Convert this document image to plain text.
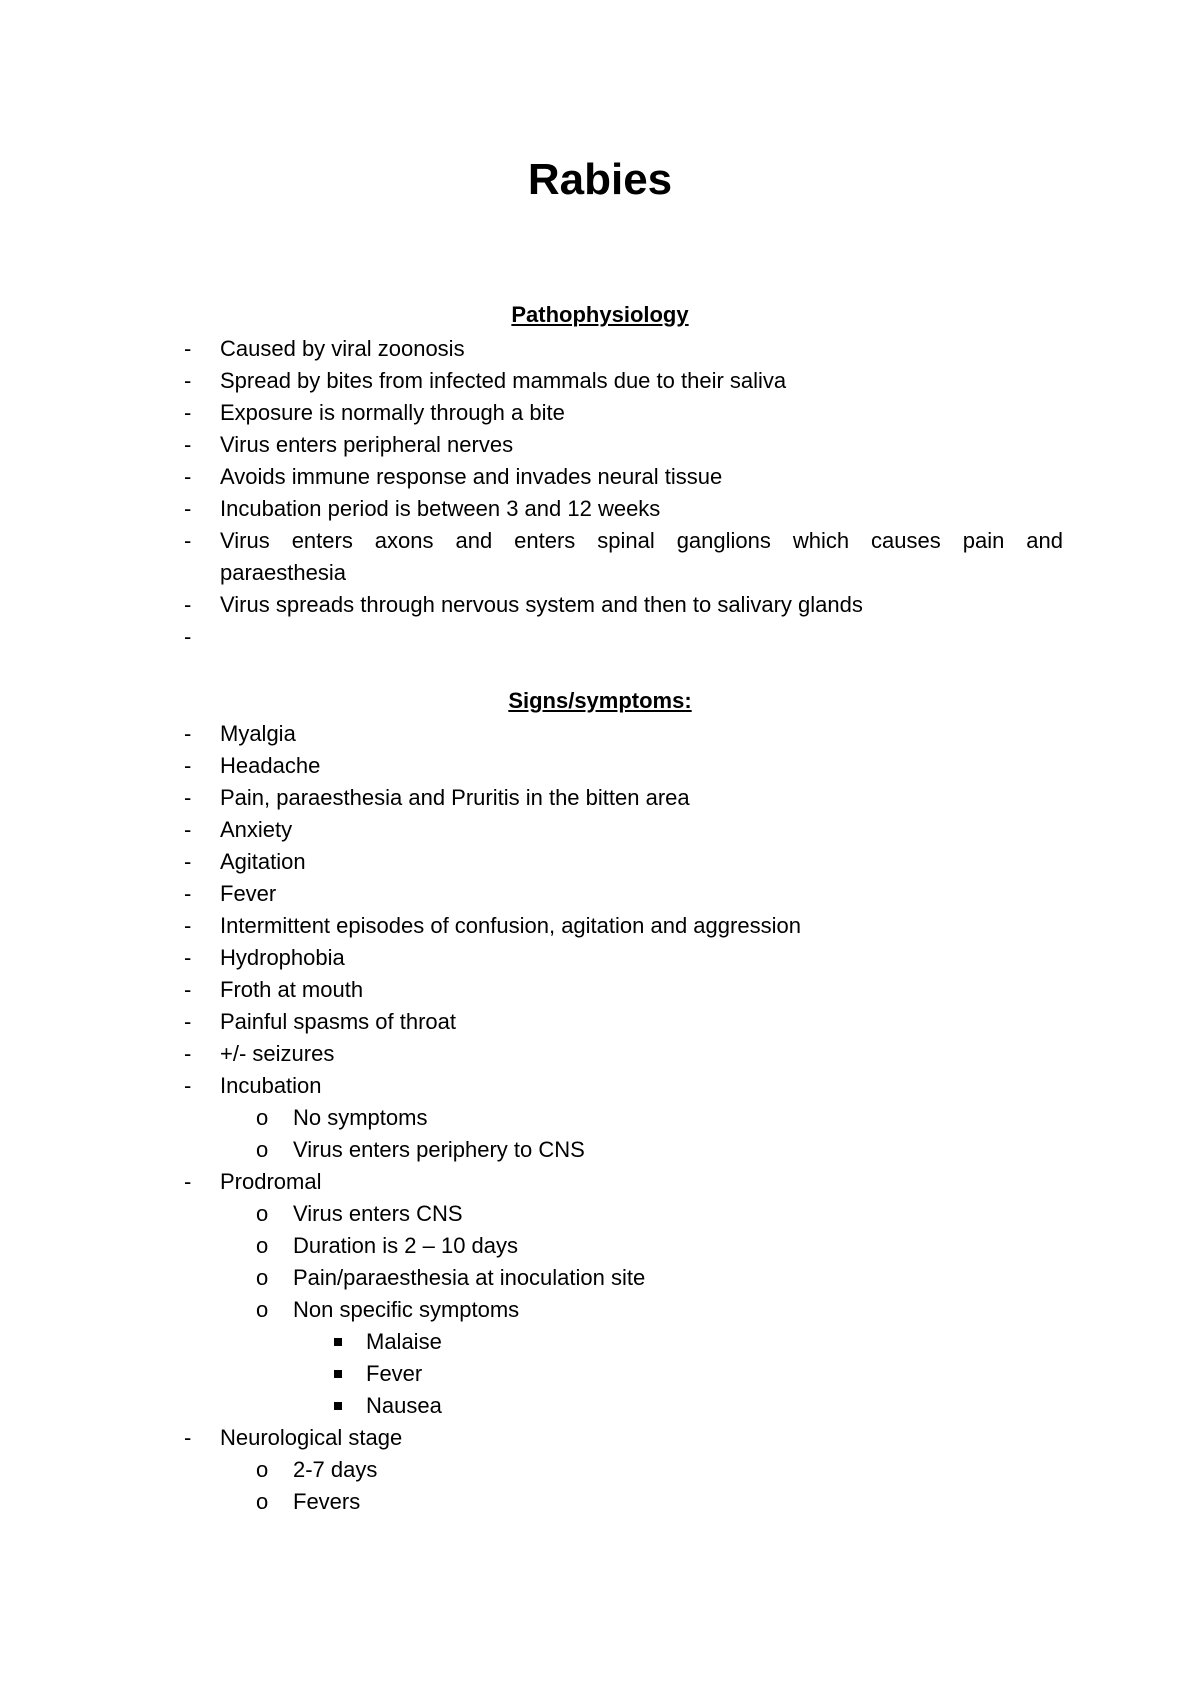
Rabies
Pathophysiology
- Caused by viral zoonosis
- Spread by bites from infected mammals due to their saliva
- Exposure is normally through a bite
- Virus enters peripheral nerves
- Avoids immune response and invades neural tissue
- Incubation period is between 3 and 12 weeks
- Virus enters axons and enters spinal ganglions which causes pain and
paraesthesia
- Virus spreads through nervous system and then to salivary glands
-

Signs/symptoms:
- Myalgia
- Headache
- Pain, paraesthesia and Pruritis in the bitten area
- Anxiety
- Agitation
- Fever
- Intermittent episodes of confusion, agitation and aggression
- Hydrophobia
- Froth at mouth
- Painful spasms of throat
- +/- seizures
- Incubation
o No symptoms
o Virus enters periphery to CNS
- Prodromal
o Virus enters CNS
o Duration is 2 – 10 days
o Pain/paraesthesia at inoculation site
o Non specific symptoms
Malaise
Fever
Nausea
- Neurological stage
o 2-7 days
o Fevers
